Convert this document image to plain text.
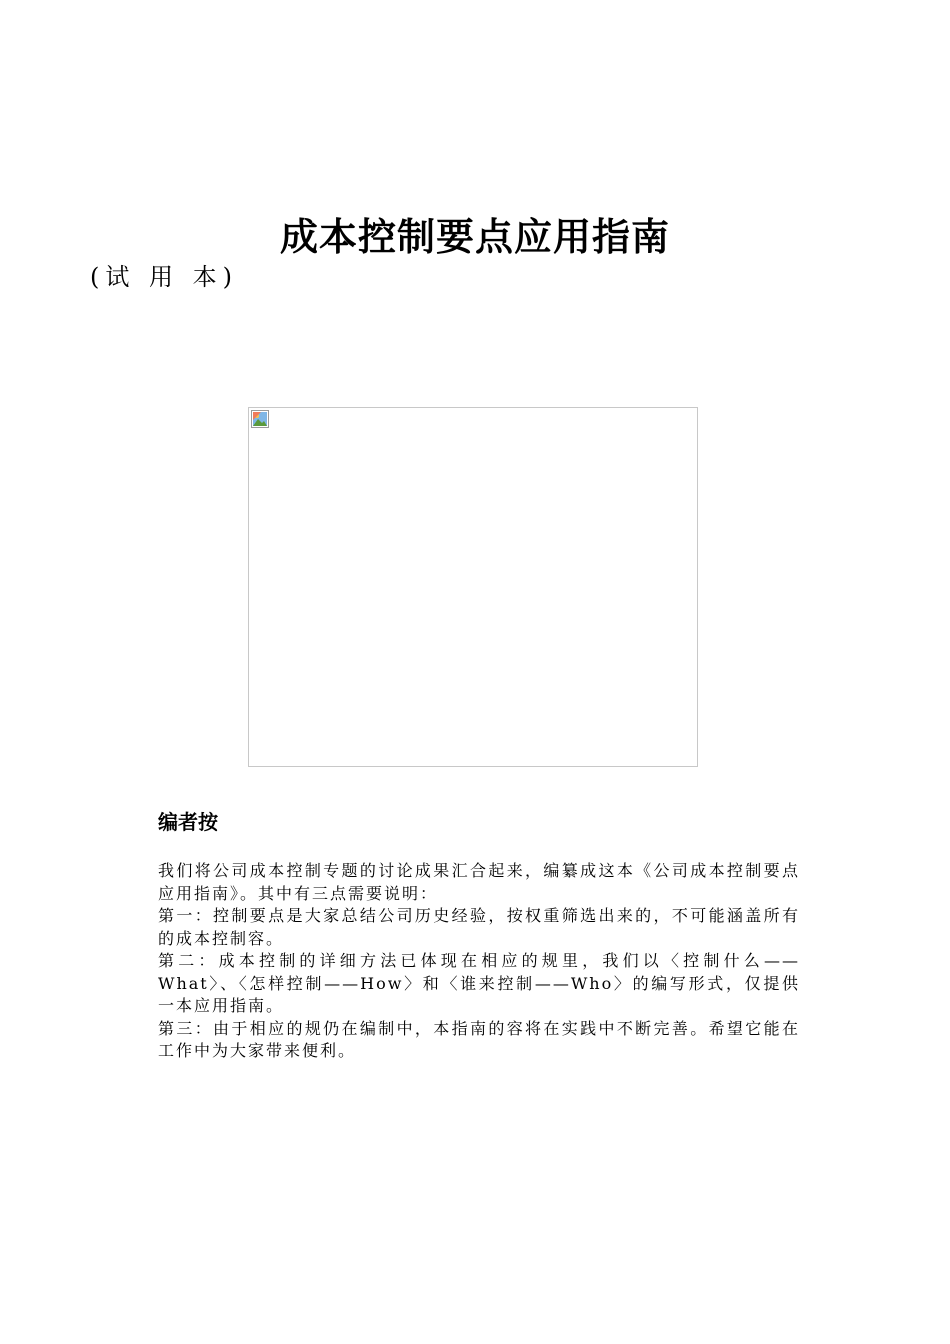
成本控制要点应用指南
(试 用 本)
编者按

我们将公司成本控制专题的讨论成果汇合起来，编纂成这本《公司成本控制要点应用指南》。其中有三点需要说明：

第一：控制要点是大家总结公司历史经验，按权重筛选出来的，不可能涵盖所有的成本控制容。

第二：成本控制的详细方法已体现在相应的规里，我们以〈控制什么——What〉、〈怎样控制——How〉和〈谁来控制——Who〉的编写形式，仅提供一本应用指南。

第三：由于相应的规仍在编制中，本指南的容将在实践中不断完善。希望它能在工作中为大家带来便利。
